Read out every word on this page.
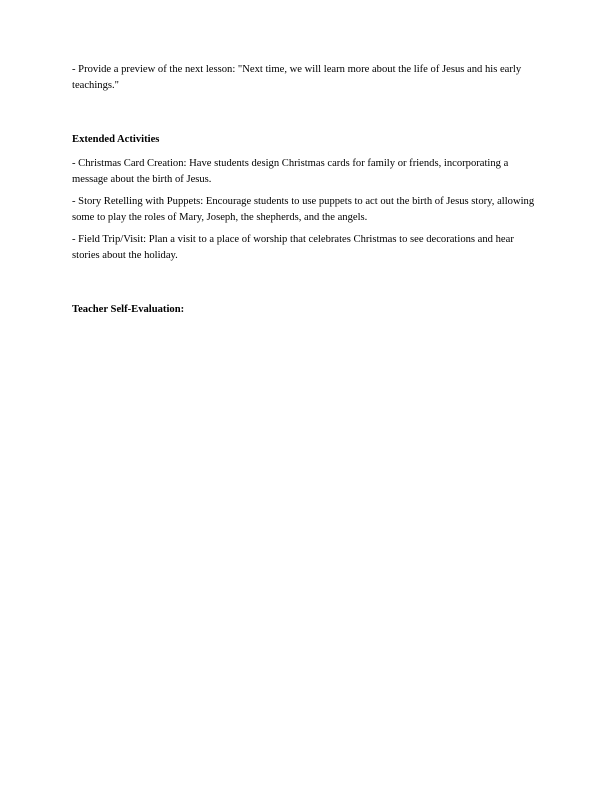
- Provide a preview of the next lesson: "Next time, we will learn more about the life of Jesus and his early teachings."

Extended Activities

- Christmas Card Creation: Have students design Christmas cards for family or friends, incorporating a message about the birth of Jesus.

- Story Retelling with Puppets: Encourage students to use puppets to act out the birth of Jesus story, allowing some to play the roles of Mary, Joseph, the shepherds, and the angels.

- Field Trip/Visit: Plan a visit to a place of worship that celebrates Christmas to see decorations and hear stories about the holiday.

Teacher Self-Evaluation:
